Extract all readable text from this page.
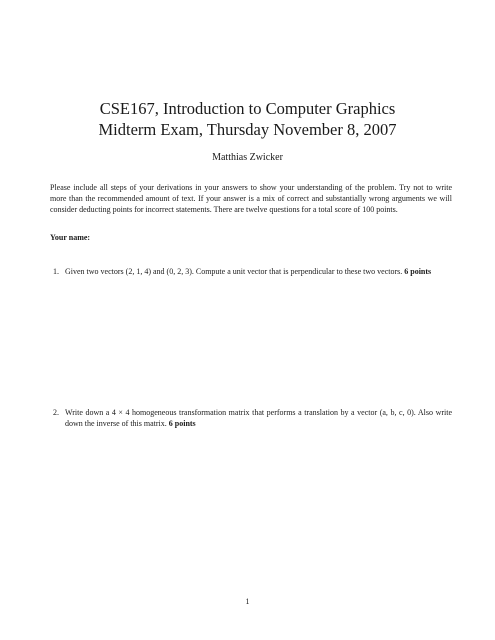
CSE167, Introduction to Computer Graphics
Midterm Exam, Thursday November 8, 2007
Matthias Zwicker
Please include all steps of your derivations in your answers to show your understanding of the problem. Try not to write more than the recommended amount of text. If your answer is a mix of correct and substantially wrong arguments we will consider deducting points for incorrect statements. There are twelve questions for a total score of 100 points.
Your name:
1. Given two vectors (2, 1, 4) and (0, 2, 3). Compute a unit vector that is perpendicular to these two vectors. 6 points
2. Write down a 4 × 4 homogeneous transformation matrix that performs a translation by a vector (a, b, c, 0). Also write down the inverse of this matrix. 6 points
1
